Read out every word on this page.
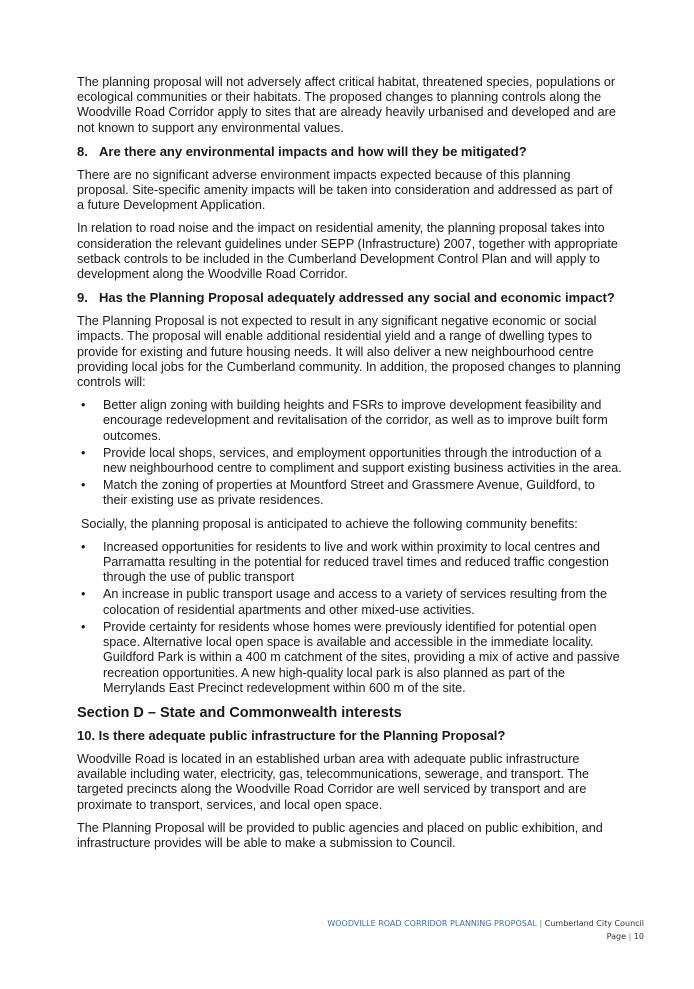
The planning proposal will not adversely affect critical habitat, threatened species, populations or ecological communities or their habitats. The proposed changes to planning controls along the Woodville Road Corridor apply to sites that are already heavily urbanised and developed and are not known to support any environmental values.

8. Are there any environmental impacts and how will they be mitigated?

There are no significant adverse environment impacts expected because of this planning proposal. Site-specific amenity impacts will be taken into consideration and addressed as part of a future Development Application.

In relation to road noise and the impact on residential amenity, the planning proposal takes into consideration the relevant guidelines under SEPP (Infrastructure) 2007, together with appropriate setback controls to be included in the Cumberland Development Control Plan and will apply to development along the Woodville Road Corridor.

9. Has the Planning Proposal adequately addressed any social and economic impact?

The Planning Proposal is not expected to result in any significant negative economic or social impacts. The proposal will enable additional residential yield and a range of dwelling types to provide for existing and future housing needs. It will also deliver a new neighbourhood centre providing local jobs for the Cumberland community. In addition, the proposed changes to planning controls will:

• Better align zoning with building heights and FSRs to improve development feasibility and encourage redevelopment and revitalisation of the corridor, as well as to improve built form outcomes.
• Provide local shops, services, and employment opportunities through the introduction of a new neighbourhood centre to compliment and support existing business activities in the area.
• Match the zoning of properties at Mountford Street and Grassmere Avenue, Guildford, to their existing use as private residences.

Socially, the planning proposal is anticipated to achieve the following community benefits:

• Increased opportunities for residents to live and work within proximity to local centres and Parramatta resulting in the potential for reduced travel times and reduced traffic congestion through the use of public transport
• An increase in public transport usage and access to a variety of services resulting from the colocation of residential apartments and other mixed-use activities.
• Provide certainty for residents whose homes were previously identified for potential open space. Alternative local open space is available and accessible in the immediate locality. Guildford Park is within a 400 m catchment of the sites, providing a mix of active and passive recreation opportunities. A new high-quality local park is also planned as part of the Merrylands East Precinct redevelopment within 600 m of the site.
Section D – State and Commonwealth interests
10. Is there adequate public infrastructure for the Planning Proposal?

Woodville Road is located in an established urban area with adequate public infrastructure available including water, electricity, gas, telecommunications, sewerage, and transport. The targeted precincts along the Woodville Road Corridor are well serviced by transport and are proximate to transport, services, and local open space.

The Planning Proposal will be provided to public agencies and placed on public exhibition, and infrastructure provides will be able to make a submission to Council.

WOODVILLE ROAD CORRIDOR PLANNING PROPOSAL | Cumberland City Council
Page | 10
